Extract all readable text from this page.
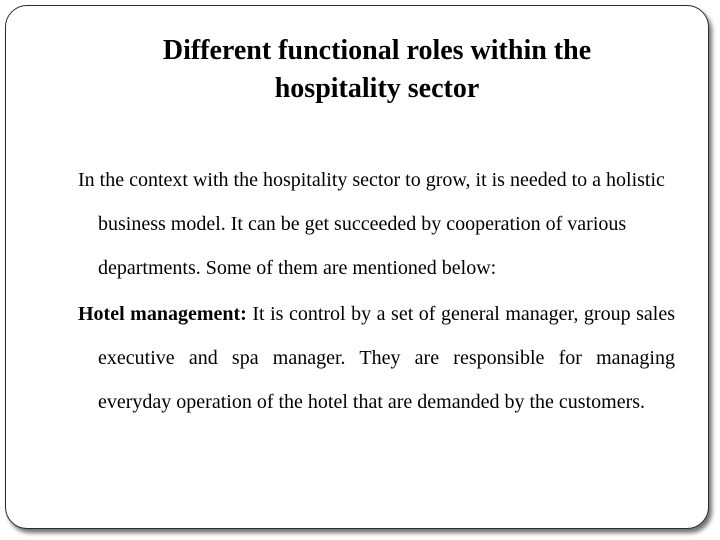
Different functional roles within the
hospitality sector

In the context with the hospitality sector to grow, it is needed to a holistic business model. It can be get succeeded by cooperation of various departments. Some of them are mentioned below:

Hotel management: It is control by a set of general manager, group sales executive and spa manager. They are responsible for managing everyday operation of the hotel that are demanded by the customers.
